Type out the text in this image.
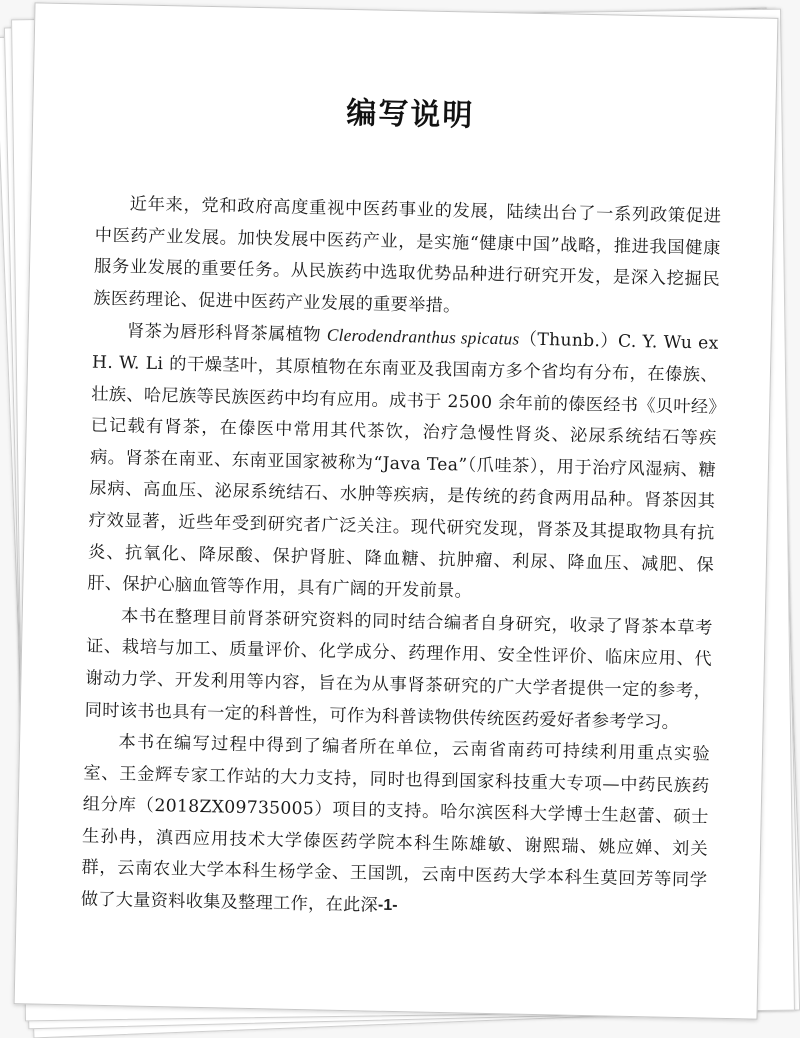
编写说明

近年来，党和政府高度重视中医药事业的发展，陆续出台了一系列政策促进中医药产业发展。加快发展中医药产业，是实施“健康中国”战略，推进我国健康服务业发展的重要任务。从民族药中选取优势品种进行研究开发，是深入挖掘民族医药理论、促进中医药产业发展的重要举措。

肾茶为唇形科肾茶属植物 Clerodendranthus spicatus（Thunb.）C. Y. Wu ex H. W. Li 的干燥茎叶，其原植物在东南亚及我国南方多个省均有分布，在傣族、壮族、哈尼族等民族医药中均有应用。成书于 2500 余年前的傣医经书《贝叶经》已记载有肾茶，在傣医中常用其代茶饮，治疗急慢性肾炎、泌尿系统结石等疾病。肾茶在南亚、东南亚国家被称为“Java Tea”（爪哇茶），用于治疗风湿病、糖尿病、高血压、泌尿系统结石、水肿等疾病，是传统的药食两用品种。肾茶因其疗效显著，近些年受到研究者广泛关注。现代研究发现，肾茶及其提取物具有抗炎、抗氧化、降尿酸、保护肾脏、降血糖、抗肿瘤、利尿、降血压、减肥、保肝、保护心脑血管等作用，具有广阔的开发前景。

本书在整理目前肾茶研究资料的同时结合编者自身研究，收录了肾茶本草考证、栽培与加工、质量评价、化学成分、药理作用、安全性评价、临床应用、代谢动力学、开发利用等内容，旨在为从事肾茶研究的广大学者提供一定的参考，同时该书也具有一定的科普性，可作为科普读物供传统医药爱好者参考学习。

本书在编写过程中得到了编者所在单位，云南省南药可持续利用重点实验室、王金辉专家工作站的大力支持，同时也得到国家科技重大专项—中药民族药组分库（2018ZX09735005）项目的支持。哈尔滨医科大学博士生赵蕾、硕士生孙冉，滇西应用技术大学傣医药学院本科生陈雄敏、谢熙瑞、姚应婵、刘关群，云南农业大学本科生杨学金、王国凯，云南中医药大学本科生莫回芳等同学做了大量资料收集及整理工作，在此深 -1-
